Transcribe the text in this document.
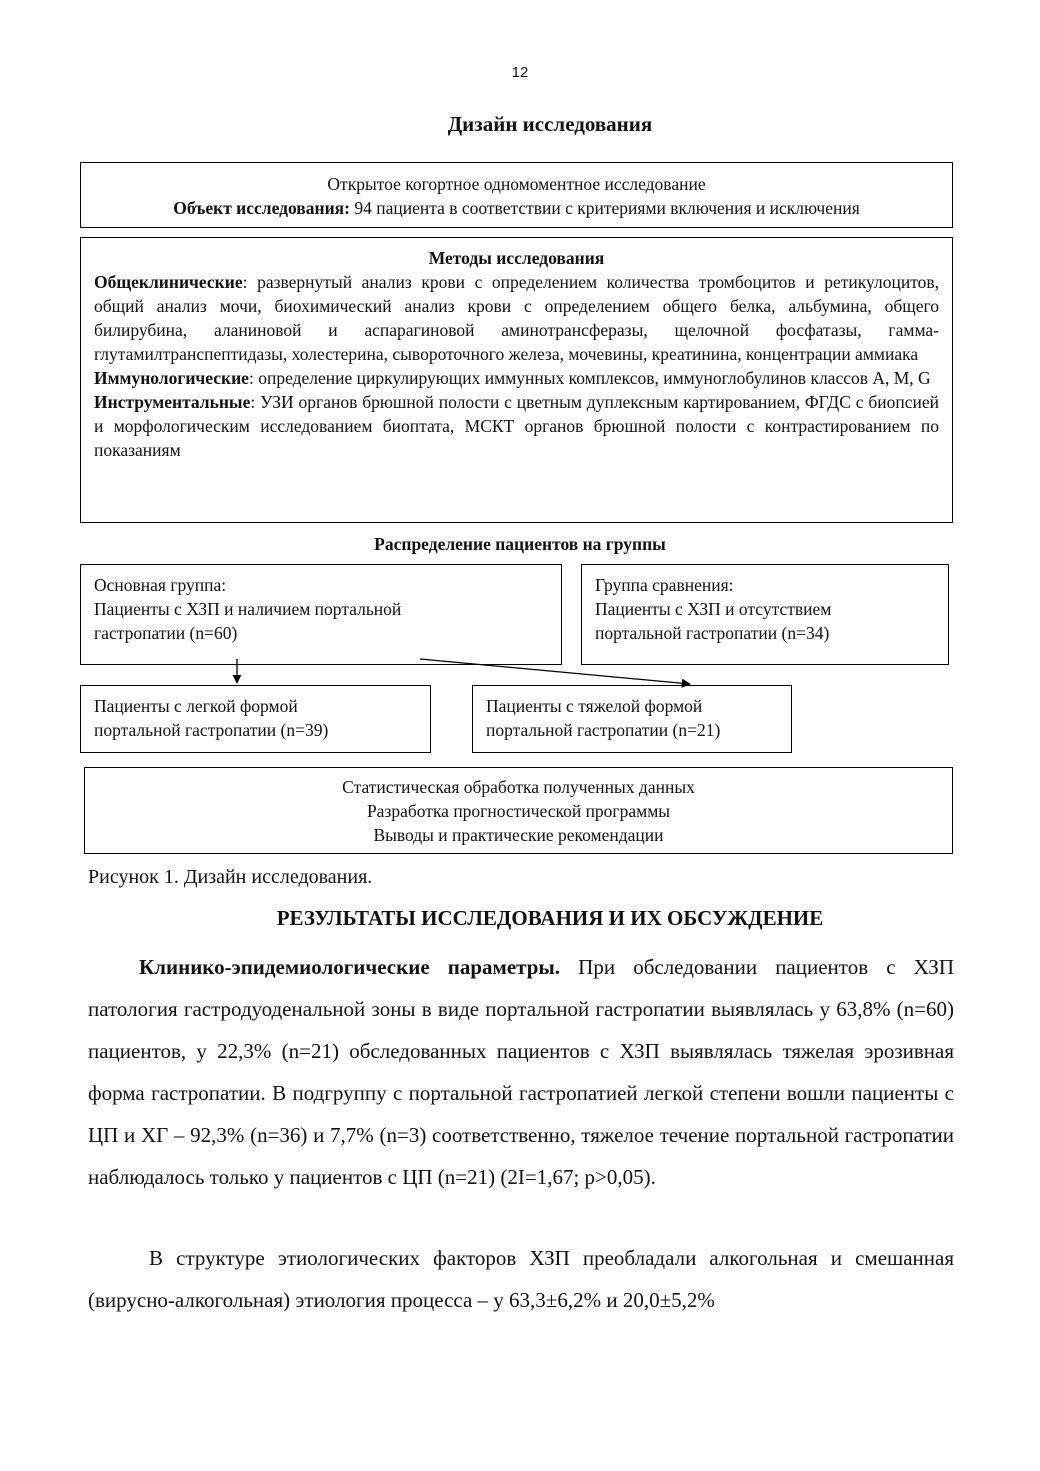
12
Дизайн исследования
Открытое когортное одномоментное исследование
Объект исследования: 94 пациента в соответствии с критериями включения и исключения
Методы исследования
Общеклинические: развернутый анализ крови с определением количества тромбоцитов и ретикулоцитов, общий анализ мочи, биохимический анализ крови с определением общего белка, альбумина, общего билирубина, аланиновой и аспарагиновой аминотрансферазы, щелочной фосфатазы, гамма-глутамилтранспептидазы, холестерина, сывороточного железа, мочевины, креатинина, концентрации аммиака
Иммунологические: определение циркулирующих иммунных комплексов, иммуноглобулинов классов А, М, G
Инструментальные: УЗИ органов брюшной полости с цветным дуплексным картированием, ФГДС с биопсией и морфологическим исследованием биоптата, МСКТ органов брюшной полости с контрастированием по показаниям
Распределение пациентов на группы
Основная группа:
Пациенты с ХЗП и наличием портальной
гастропатии (n=60)
Группа сравнения:
Пациенты с ХЗП и отсутствием
портальной гастропатии (n=34)
Пациенты с легкой формой
портальной гастропатии (n=39)
Пациенты с тяжелой формой
портальной гастропатии (n=21)
Статистическая обработка полученных данных
Разработка прогностической программы
Выводы и практические рекомендации
Рисунок 1. Дизайн исследования.
РЕЗУЛЬТАТЫ ИССЛЕДОВАНИЯ И ИХ ОБСУЖДЕНИЕ
Клинико-эпидемиологические параметры. При обследовании пациентов с ХЗП патология гастродуоденальной зоны в виде портальной гастропатии выявлялась у 63,8% (n=60) пациентов, у 22,3% (n=21) обследованных пациентов с ХЗП выявлялась тяжелая эрозивная форма гастропатии. В подгруппу с портальной гастропатией легкой степени вошли пациенты с ЦП и ХГ – 92,3% (n=36) и 7,7% (n=3) соответственно, тяжелое течение портальной гастропатии наблюдалось только у пациентов с ЦП (n=21) (2I=1,67; p>0,05).
В структуре этиологических факторов ХЗП преобладали алкогольная и смешанная (вирусно-алкогольная) этиология процесса – у 63,3±6,2% и 20,0±5,2%
